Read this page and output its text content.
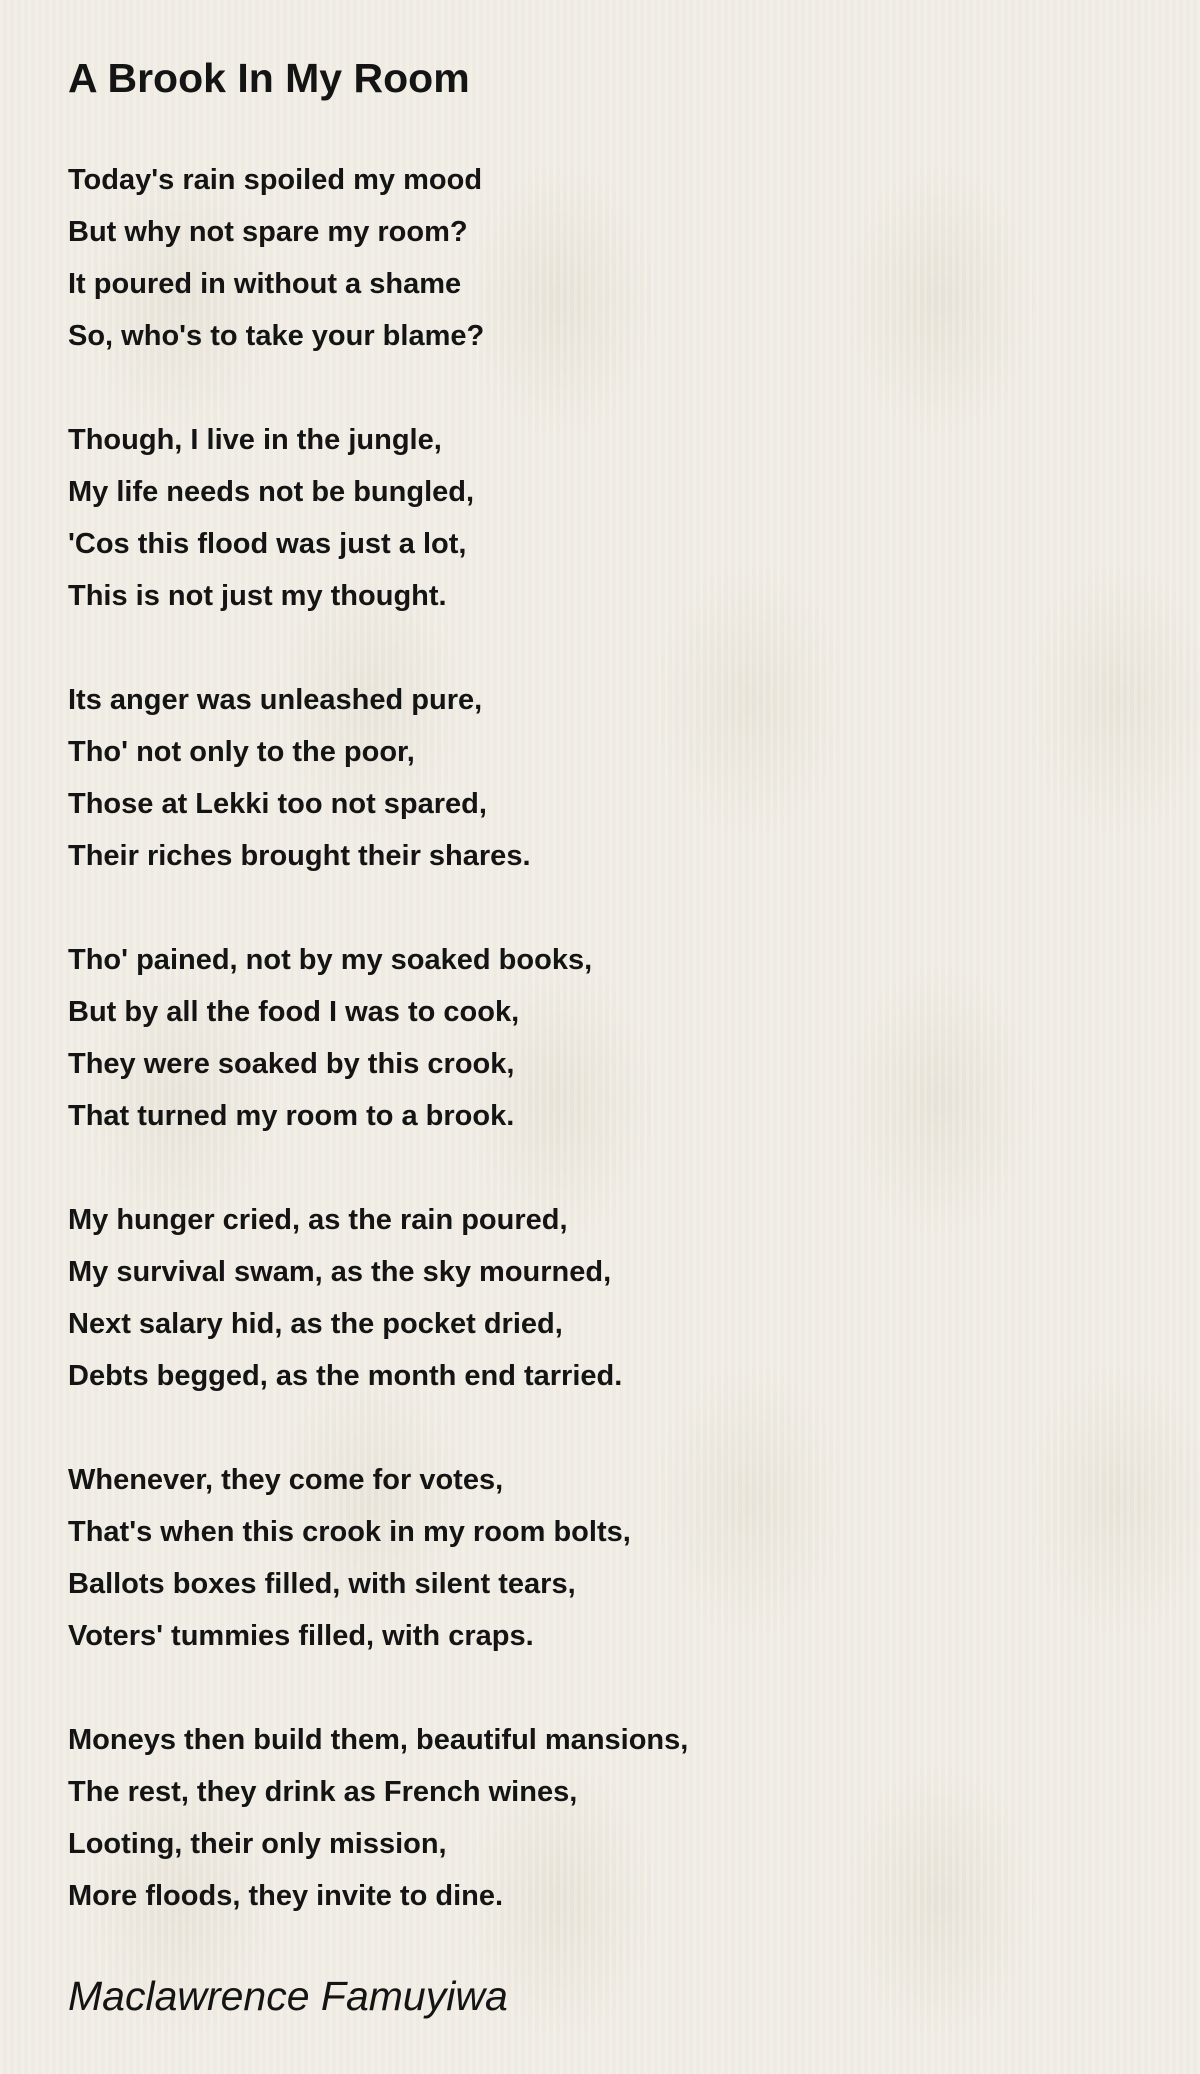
A Brook In My Room
Today's rain spoiled my mood
But why not spare my room?
It poured in without a shame
So, who's to take your blame?
Though, I live in the jungle,
My life needs not be bungled,
'Cos this flood was just a lot,
This is not just my thought.
Its anger was unleashed pure,
Tho' not only to the poor,
Those at Lekki too not spared,
Their riches brought their shares.
Tho' pained, not by my soaked books,
But by all the food I was to cook,
They were soaked by this crook,
That turned my room to a brook.
My hunger cried, as the rain poured,
My survival swam, as the sky mourned,
Next salary hid, as the pocket dried,
Debts begged, as the month end tarried.
Whenever, they come for votes,
That's when this crook in my room bolts,
Ballots boxes filled, with silent tears,
Voters' tummies filled, with craps.
Moneys then build them, beautiful mansions,
The rest, they drink as French wines,
Looting, their only mission,
More floods, they invite to dine.
Maclawrence Famuyiwa
